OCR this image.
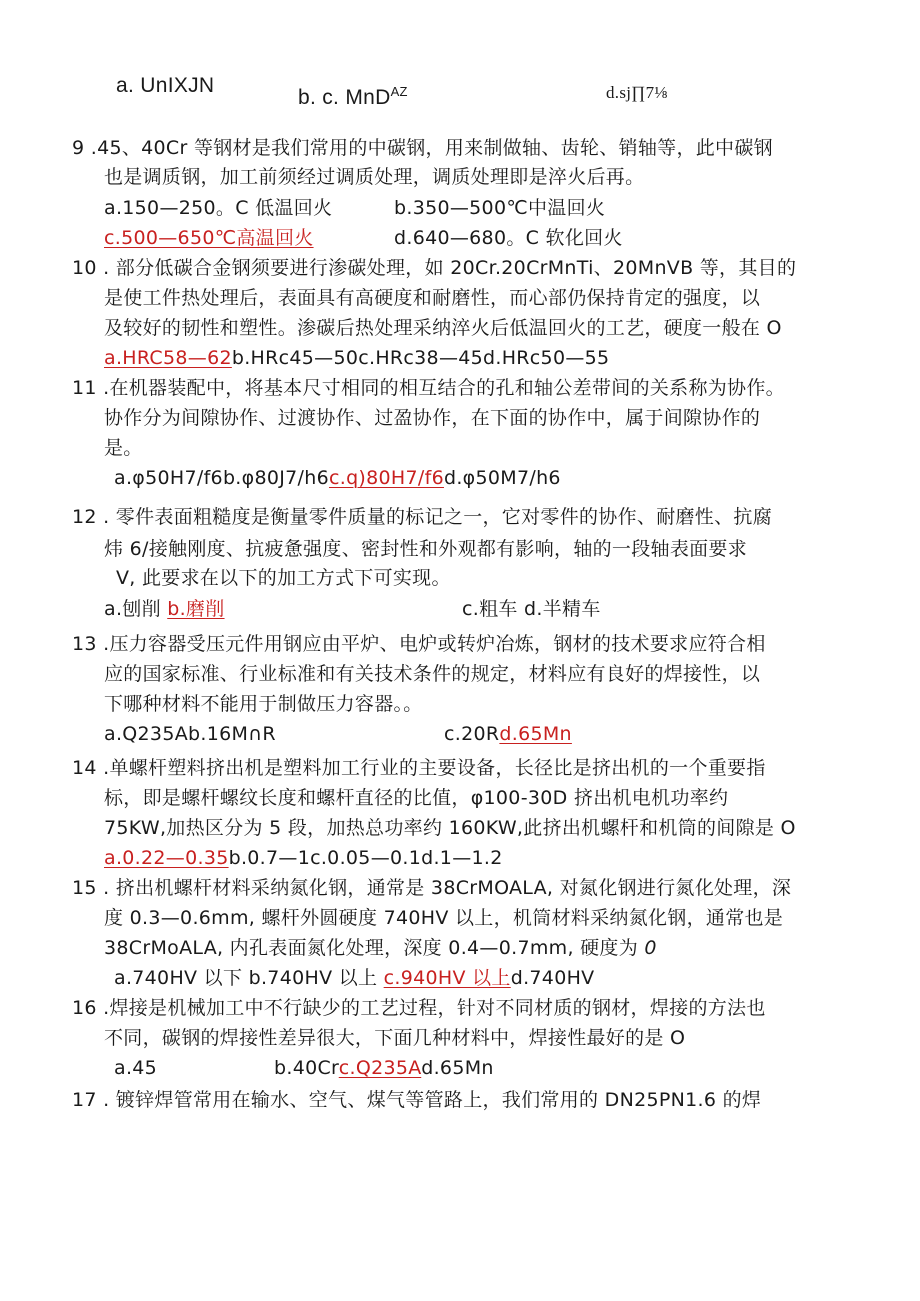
a. UnIXJN
b. c. MnD$^{AZ}$	d.sj∏7⅛
9 .45、40Cr 等钢材是我们常用的中碳钢，用来制做轴、齿轮、销轴等，此中碳钢
也是调质钢，加工前须经过调质处理，调质处理即是淬火后再。
a.150—250。C 低温回火	b.350—500℃中温回火
c.500—650℃高温回火	d.640—680。C 软化回火
10 . 部分低碳合金钢须要进行渗碳处理，如 20Cr.20CrMnTi、20MnVB 等，其目的
是使工件热处理后，表面具有高硬度和耐磨性，而心部仍保持肯定的强度，以
及较好的韧性和塑性。渗碳后热处理采纳淬火后低温回火的工艺，硬度一般在 O
a.HRC58—62b.HRc45—50c.HRc38—45d.HRc50—55
11 .在机器装配中，将基本尺寸相同的相互结合的孔和轴公差带间的关系称为协作。
协作分为间隙协作、过渡协作、过盈协作，在下面的协作中，属于间隙协作的
是。
a.φ50H7∕f6b.φ80J7∕h6c.q)80H7∕f6d.φ50M7∕h6
12 . 零件表面粗糙度是衡量零件质量的标记之一，它对零件的协作、耐磨性、抗腐
炜 6/接触刚度、抗疲惫强度、密封性和外观都有影响，轴的一段轴表面要求
V, 此要求在以下的加工方式下可实现。
a.刨削 b.磨削	c.粗车 d.半精车
13 .压力容器受压元件用钢应由平炉、电炉或转炉冶炼，钢材的技术要求应符合相
应的国家标准、行业标准和有关技术条件的规定，材料应有良好的焊接性，以
下哪种材料不能用于制做压力容器。。
a.Q235Ab.16M∩R	c.20Rd.65Mn
14 .单螺杆塑料挤出机是塑料加工行业的主要设备，长径比是挤出机的一个重要指
标，即是螺杆螺纹长度和螺杆直径的比值，φ100-30D 挤出机电机功率约
75KW,加热区分为 5 段，加热总功率约 160KW,此挤出机螺杆和机筒的间隙是 O
a.0.22—0.35b.0.7—1c.0.05—0.1d.1—1.2
15 . 挤出机螺杆材料采纳氮化钢，通常是 38CrMOALA, 对氮化钢进行氮化处理，深
度 0.3—0.6mm, 螺杆外圆硬度 740HV 以上，机筒材料采纳氮化钢，通常也是
38CrMoALA, 内孔表面氮化处理，深度 0.4—0.7mm, 硬度为 0
a.740HV 以下 b.740HV 以上 c.940HV 以上d.740HV
16 .焊接是机械加工中不行缺少的工艺过程，针对不同材质的钢材，焊接的方法也
不同，碳钢的焊接性差异很大，下面几种材料中，焊接性最好的是 O
a.45	b.40Crc.Q235Ad.65Mn
17 . 镀锌焊管常用在输水、空气、煤气等管路上，我们常用的 DN25PN1.6 的焊
